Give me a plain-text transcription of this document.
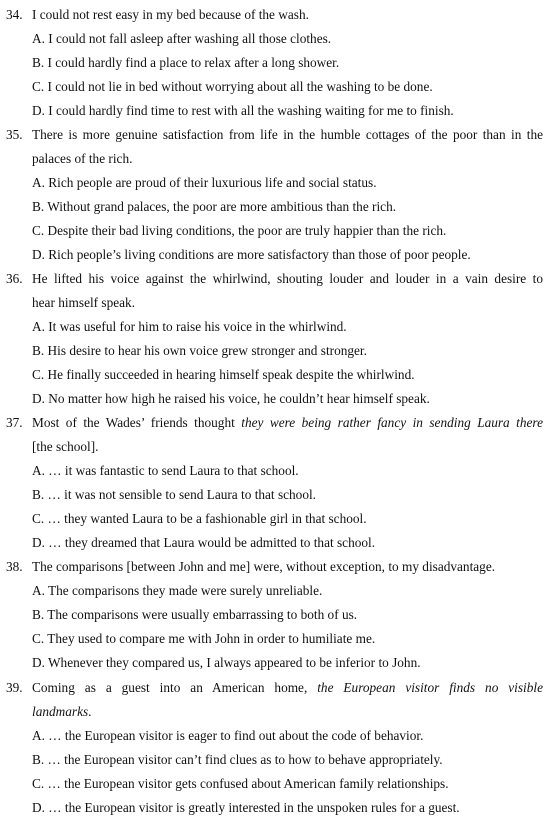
34. I could not rest easy in my bed because of the wash.
A. I could not fall asleep after washing all those clothes.
B. I could hardly find a place to relax after a long shower.
C. I could not lie in bed without worrying about all the washing to be done.
D. I could hardly find time to rest with all the washing waiting for me to finish.
35. There is more genuine satisfaction from life in the humble cottages of the poor than in the
palaces of the rich.
A. Rich people are proud of their luxurious life and social status.
B. Without grand palaces, the poor are more ambitious than the rich.
C. Despite their bad living conditions, the poor are truly happier than the rich.
D. Rich people’s living conditions are more satisfactory than those of poor people.
36. He lifted his voice against the whirlwind, shouting louder and louder in a vain desire to
hear himself speak.
A. It was useful for him to raise his voice in the whirlwind.
B. His desire to hear his own voice grew stronger and stronger.
C. He finally succeeded in hearing himself speak despite the whirlwind.
D. No matter how high he raised his voice, he couldn’t hear himself speak.
37. Most of the Wades’ friends thought they were being rather fancy in sending Laura there
[the school].
A. … it was fantastic to send Laura to that school.
B. … it was not sensible to send Laura to that school.
C. … they wanted Laura to be a fashionable girl in that school.
D. … they dreamed that Laura would be admitted to that school.
38. The comparisons [between John and me] were, without exception, to my disadvantage.
A. The comparisons they made were surely unreliable.
B. The comparisons were usually embarrassing to both of us.
C. They used to compare me with John in order to humiliate me.
D. Whenever they compared us, I always appeared to be inferior to John.
39. Coming as a guest into an American home, the European visitor finds no visible
landmarks.
A. … the European visitor is eager to find out about the code of behavior.
B. … the European visitor can’t find clues as to how to behave appropriately.
C. … the European visitor gets confused about American family relationships.
D. … the European visitor is greatly interested in the unspoken rules for a guest.
